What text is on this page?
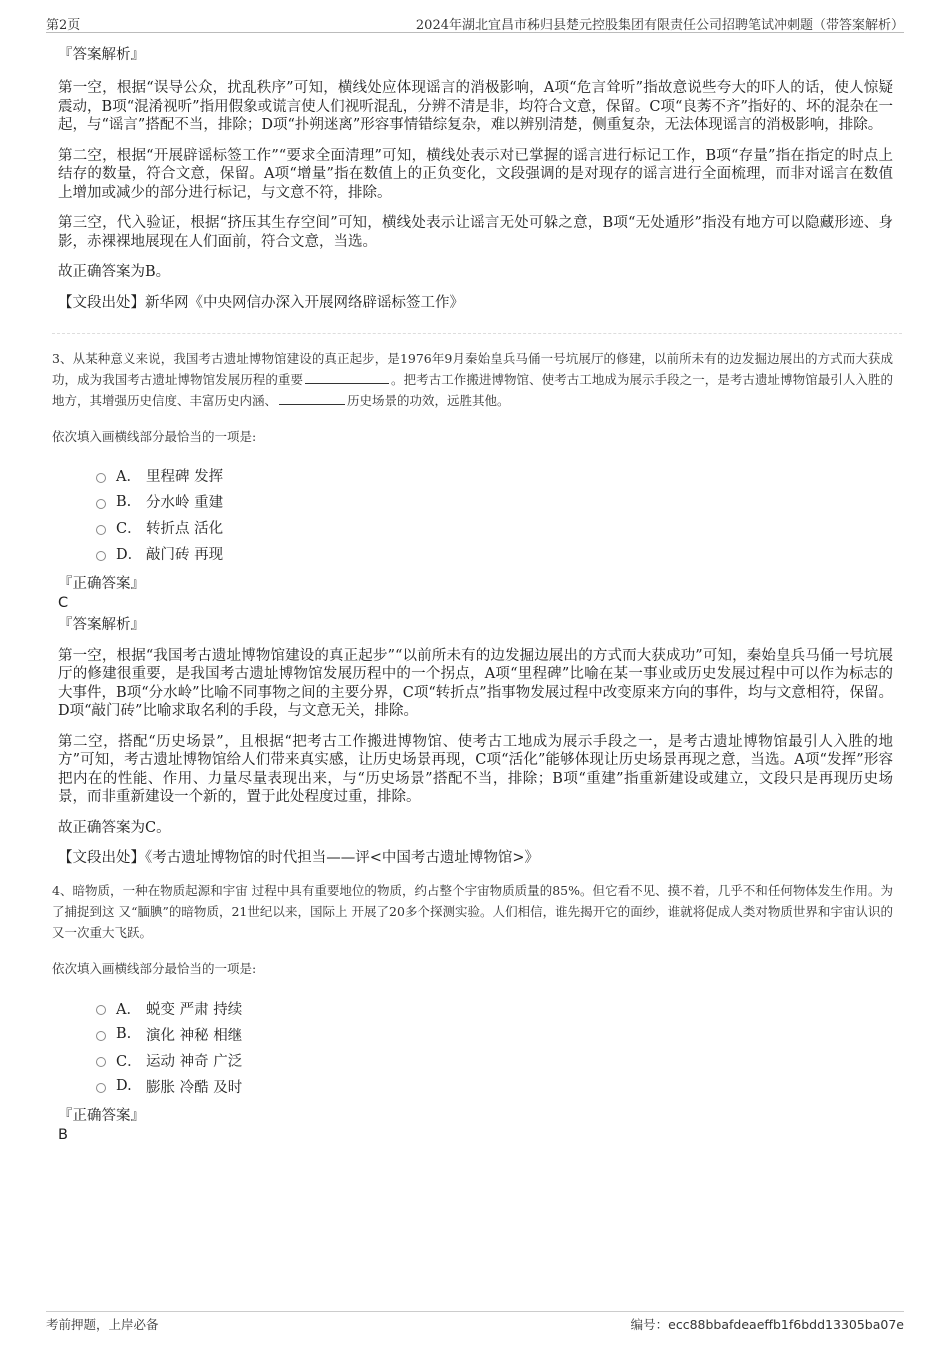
第2页	2024年湖北宜昌市秭归县楚元控股集团有限责任公司招聘笔试冲刺题（带答案解析）

『答案解析』

第一空，根据“误导公众，扰乱秩序”可知，横线处应体现谣言的消极影响，A项“危言耸听”指故意说些夸大的吓人的话，使人惊疑震动，B项“混淆视听”指用假象或谎言使人们视听混乱，分辨不清是非，均符合文意，保留。C项“良莠不齐”指好的、坏的混杂在一起，与“谣言”搭配不当，排除；D项“扑朔迷离”形容事情错综复杂，难以辨别清楚，侧重复杂，无法体现谣言的消极影响，排除。

第二空，根据“开展辟谣标签工作”“要求全面清理”可知，横线处表示对已掌握的谣言进行标记工作，B项“存量”指在指定的时点上结存的数量，符合文意，保留。A项“增量”指在数值上的正负变化，文段强调的是对现存的谣言进行全面梳理，而非对谣言在数值上增加或减少的部分进行标记，与文意不符，排除。

第三空，代入验证，根据“挤压其生存空间”可知，横线处表示让谣言无处可躲之意，B项“无处遁形”指没有地方可以隐藏形迹、身影，赤裸裸地展现在人们面前，符合文意，当选。

故正确答案为B。

【文段出处】新华网《中央网信办深入开展网络辟谣标签工作》

3、从某种意义来说，我国考古遗址博物馆建设的真正起步，是1976年9月秦始皇兵马俑一号坑展厅的修建，以前所未有的边发掘边展出的方式而大获成功，成为我国考古遗址博物馆发展历程的重要	。把考古工作搬进博物馆、使考古工地成为展示手段之一，是考古遗址博物馆最引人入胜的地方，其增强历史信度、丰富历史内涵、	历史场景的功效，远胜其他。

依次填入画横线部分最恰当的一项是:

A． 里程碑 发挥
B.	分水岭 重建
C． 转折点 活化
D． 敲门砖 再现

『正确答案』

C

『答案解析』

第一空，根据“我国考古遗址博物馆建设的真正起步”“以前所未有的边发掘边展出的方式而大获成功”可知，秦始皇兵马俑一号坑展厅的修建很重要，是我国考古遗址博物馆发展历程中的一个拐点，A项“里程碑”比喻在某一事业或历史发展过程中可以作为标志的大事件，B项“分水岭”比喻不同事物之间的主要分界，C项“转折点”指事物发展过程中改变原来方向的事件，均与文意相符，保留。D项“敲门砖”比喻求取名利的手段，与文意无关，排除。

第二空，搭配“历史场景”，且根据“把考古工作搬进博物馆、使考古工地成为展示手段之一，是考古遗址博物馆最引人入胜的地方”可知，考古遗址博物馆给人们带来真实感，让历史场景再现，C项“活化”能够体现让历史场景再现之意，当选。A项“发挥”形容把内在的性能、作用、力量尽量表现出来，与“历史场景”搭配不当，排除；B项“重建”指重新建设或建立，文段只是再现历史场景，而非重新建设一个新的，置于此处程度过重，排除。

故正确答案为C。

【文段出处】《考古遗址博物馆的时代担当——评<中国考古遗址博物馆>》

4、暗物质，一种在物质起源和宇宙 过程中具有重要地位的物质，约占整个宇宙物质质量的85%。但它看不见、摸不着，几乎不和任何物体发生作用。为了捕捉到这 又“腼腆”的暗物质，21世纪以来，国际上 开展了20多个探测实验。人们相信，谁先揭开它的面纱，谁就将促成人类对物质世界和宇宙认识的又一次重大飞跃。

依次填入画横线部分最恰当的一项是:

A． 蜕变 严肃 持续
B.	演化 神秘 相继
C． 运动 神奇 广泛
D. 膨胀 冷酷 及时

『正确答案』

B

考前押题，上岸必备	编号：ecc88bbafdeaeffb1f6bdd13305ba07e
